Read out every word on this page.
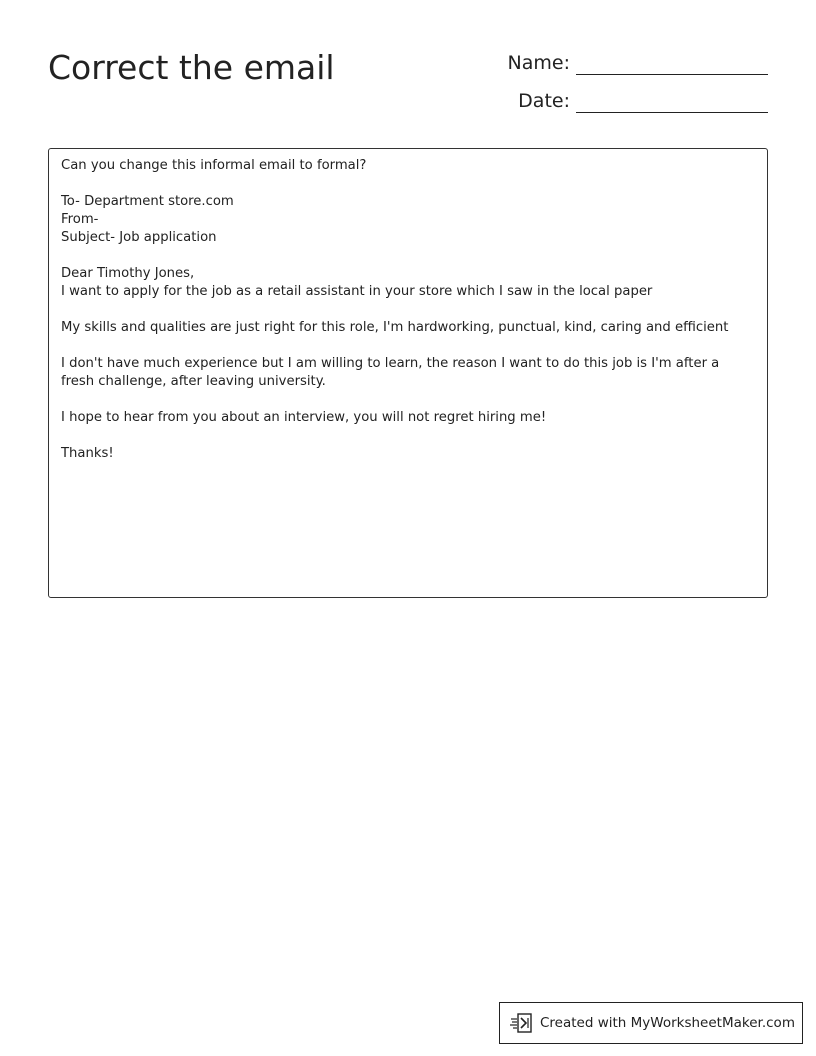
Correct the email	Name:
Date:

Can you change this informal email to formal?

To- Department store.com

From-

Subject- Job application

Dear Timothy Jones,

I want to apply for the job as a retail assistant in your store which I saw in the local paper

My skills and qualities are just right for this role, I'm hardworking, punctual, kind, caring and efficient

I don't have much experience but I am willing to learn, the reason I want to do this job is I'm after a fresh challenge, after leaving university.

I hope to hear from you about an interview, you will not regret hiring me!

Thanks!

Created with MyWorksheetMaker.com
